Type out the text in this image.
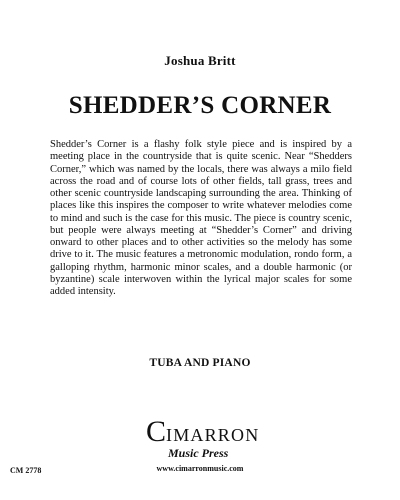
Joshua Britt
SHEDDER’S CORNER

Shedder’s Corner is a flashy folk style piece and is inspired by a meeting place in the countryside that is quite scenic. Near “Shedders Corner,” which was named by the locals, there was always a milo field across the road and of course lots of other fields, tall grass, trees and other scenic countryside landscaping surrounding the area. Thinking of places like this inspires the composer to write whatever melodies come to mind and such is the case for this music. The piece is country scenic, but people were always meeting at “Shedder’s Corner” and driving onward to other places and to other activities so the melody has some drive to it. The music features a metronomic modulation, rondo form, a galloping rhythm, harmonic minor scales, and a double harmonic (or byzantine) scale interwoven within the lyrical major scales for some added intensity.

TUBA AND PIANO
C IMARRON
Music Press
www.cimarronmusic.com
CM 2778
